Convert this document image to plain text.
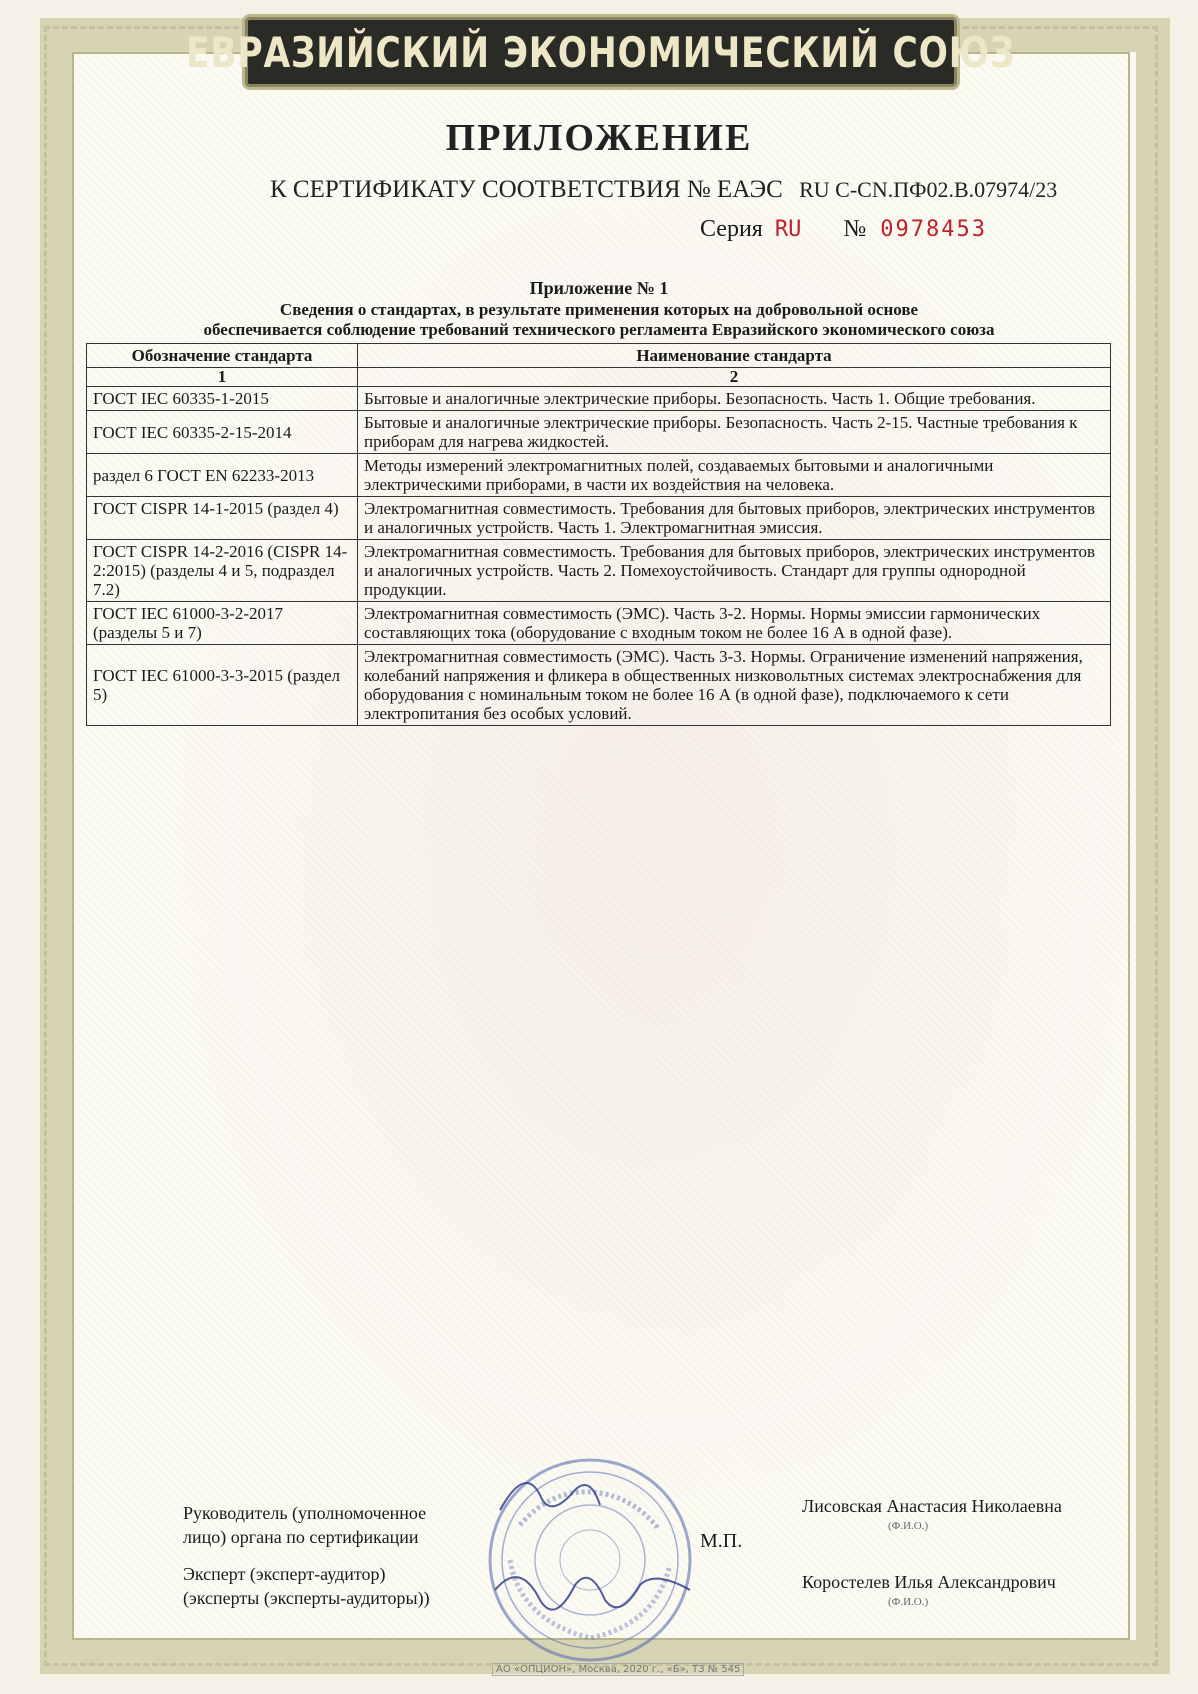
ЕВРАЗИЙСКИЙ ЭКОНОМИЧЕСКИЙ СОЮЗ
ПРИЛОЖЕНИЕ
К СЕРТИФИКАТУ СООТВЕТСТВИЯ № ЕАЭС RU С-CN.ПФ02.В.07974/23
Серия RU № 0978453
Приложение № 1
Сведения о стандартах, в результате применения которых на добровольной основе
обеспечивается соблюдение требований технического регламента Евразийского экономического союза
Обозначение стандарта	Наименование стандарта
1	2
ГОСТ IEC 60335-1-2015	Бытовые и аналогичные электрические приборы. Безопасность. Часть 1. Общие требования.
ГОСТ IEC 60335-2-15-2014	Бытовые и аналогичные электрические приборы. Безопасность. Часть 2-15. Частные требования к приборам для нагрева жидкостей.
раздел 6 ГОСТ EN 62233-2013	Методы измерений электромагнитных полей, создаваемых бытовыми и аналогичными электрическими приборами, в части их воздействия на человека.
ГОСТ CISPR 14-1-2015 (раздел 4)	Электромагнитная совместимость. Требования для бытовых приборов, электрических инструментов и аналогичных устройств. Часть 1. Электромагнитная эмиссия.
ГОСТ CISPR 14-2-2016 (CISPR 14-2:2015) (разделы 4 и 5, подраздел 7.2)	Электромагнитная совместимость. Требования для бытовых приборов, электрических инструментов и аналогичных устройств. Часть 2. Помехоустойчивость. Стандарт для группы однородной продукции.
ГОСТ IEC 61000-3-2-2017 (разделы 5 и 7)	Электромагнитная совместимость (ЭМС). Часть 3-2. Нормы. Нормы эмиссии гармонических составляющих тока (оборудование с входным током не более 16 А в одной фазе).
ГОСТ IEC 61000-3-3-2015 (раздел 5)	Электромагнитная совместимость (ЭМС). Часть 3-3. Нормы. Ограничение изменений напряжения, колебаний напряжения и фликера в общественных низковольтных системах электроснабжения для оборудования с номинальным током не более 16 А (в одной фазе), подключаемого к сети электропитания без особых условий.
Руководитель (уполномоченное
лицо) органа по сертификации
Эксперт (эксперт-аудитор)
(эксперты (эксперты-аудиторы))
М.П.
Лисовская Анастасия Николаевна
(Ф.И.О.)
Коростелев Илья Александрович
(Ф.И.О.)
АО «ОПЦИОН», Москва, 2020 г., «Б», ТЗ № 545
